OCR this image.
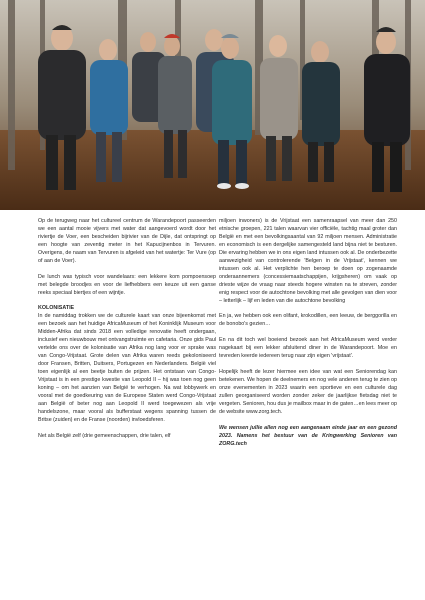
Op de terugweg naar het cultureel centrum de Warandepoort passeerden we een aantal mooie vijvers met water dat aangevoerd wordt door het riviertje de Voer, een bescheiden bijrivier van de Dijle, dat ontspringt op een hoogte van zeventig meter in het Kapucijnenbos in Tervuren. Overigens, de naam van Tervuren is afgeleid van het watertje: Ter Vure (op of aan de Voer).

De lunch was typisch voor wandelaars: een lekkere kom pompoensoep met belegde broodjes en voor de liefhebbers een keuze uit een ganse reeks speciaal biertjes of een wijntje.

KOLONISATIE

In de namiddag trokken we de culturele kaart van onze bijeenkomst met een bezoek aan het huidige AfricaMuseum of het Koninklijk Museum voor Midden-Afrika dat sinds 2018 een volledige renovatie heeft ondergaan, inclusief een nieuwbouw met ontvangstruimte en cafetaria. Onze gids Paul vertelde ons over de kolonisatie van Afrika nog lang voor er sprake was van Congo-Vrijstaat. Grote delen van Afrika waren reeds gekoloniseerd door Fransen, Britten, Duitsers, Portugezen en Nederlanders. België viel toen eigenlijk al een beetje buiten de prijzen. Het ontstaan van Congo-Vrijstaat is in een prestige kwestie van Leopold II – hij was toen nog geen koning – om het aanzien van België te verhogen. Na wat lobbywerk en vooral met de goedkeuring van de Europese Staten werd Congo-Vrijstaat aan België of beter nog aan Leopold II werd toegewezen als vrije handelszone, maar vooral als bufferstaat wegens spanning tussen de Britse (zuiden) en de Franse (noorden) invloedsferen.

Net als België zelf (drie gemeenschappen, drie talen, elf

miljoen inwoners) is de Vrijstaat een samenraapsel van meer dan 250 etnische groepen, 221 talen waarvan vier officiële, tachtig maal groter dan België en met een bevolkingsaantal van 92 miljoen mensen. Administratie en economisch is een dergelijke samengesteld land bijna niet te besturen. Die ervaring hebben we in ons eigen land intussen ook al. De onderbezette aanwezigheid van controlerende 'Belgen in de Vrijstaat', kennen we intussen ook al. Het verplichte hen beroep te doen op zogenaamde onderaannemers (concessiemaatschappijen, krijgsheren) om vaak op drieste wijze de vraag naar steeds hogere winsten na te streven, zonder enig respect voor de autochtone bevolking met alle gevolgen van dien voor – letterlijk – lijf en leden van die autochtone bevolking

En ja, we hebben ook een olifant, krokodillen, een leeuw, de berggorilla en de bonobo's gezien…

En na dit toch wel boeiend bezoek aan het AfricaMuseum werd verder nagekaart bij een lekker afsluitend diner in de Warandepoort. Moe en tevreden keerde iedereen terug naar zijn eigen 'vrijstaat'.

Hopelijk heeft de lezer hiermee een idee van wat een Seniorendag kan betekenen. We hopen de deelnemers en nog vele anderen terug te zien op onze evenementen in 2023 waarin een sportieve en een culturele dag zullen georganiseerd worden zonder zeker de jaarlijkse fietsdag niet te vergeten. Senioren, hou dus je mailbox maar in de gaten…en lees meer op de website www.zorg.tech.

We wensen jullie allen nog een aangenaam einde jaar en een gezond 2023. Namens het bestuur van de Kringwerking Senioren van ZORG.tech
